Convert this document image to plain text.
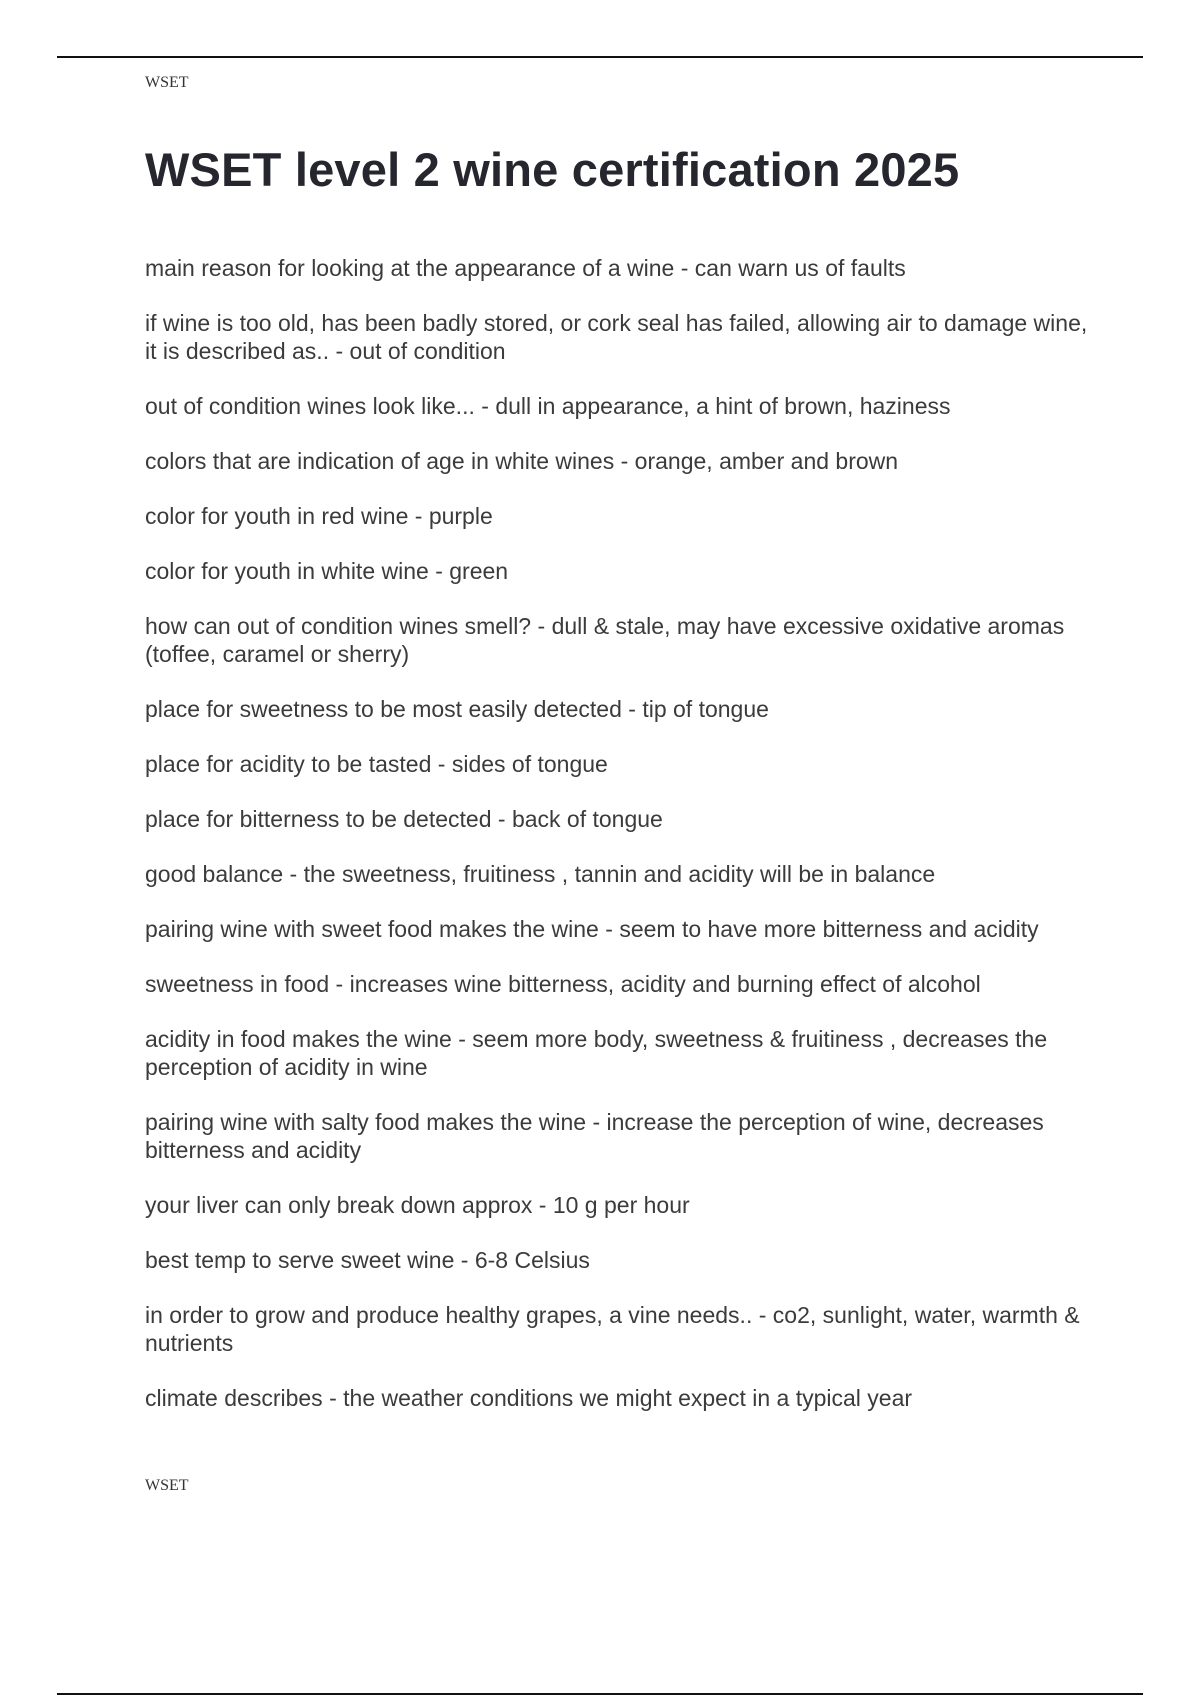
WSET
WSET level 2 wine certification 2025
main reason for looking at the appearance of a wine - can warn us of faults
if wine is too old, has been badly stored, or cork seal has failed, allowing air to damage wine, it is described as.. - out of condition
out of condition wines look like... - dull in appearance, a hint of brown, haziness
colors that are indication of age in white wines - orange, amber and brown
color for youth in red wine - purple
color for youth in white wine - green
how can out of condition wines smell? - dull & stale, may have excessive oxidative aromas (toffee, caramel or sherry)
place for sweetness to be most easily detected - tip of tongue
place for acidity to be tasted - sides of tongue
place for bitterness to be detected - back of tongue
good balance - the sweetness, fruitiness , tannin and acidity will be in balance
pairing wine with sweet food makes the wine - seem to have more bitterness and acidity
sweetness in food - increases wine bitterness, acidity and burning effect of alcohol
acidity in food makes the wine - seem more body, sweetness & fruitiness , decreases the perception of acidity in wine
pairing wine with salty food makes the wine - increase the perception of wine, decreases bitterness and acidity
your liver can only break down approx - 10 g per hour
best temp to serve sweet wine - 6-8 Celsius
in order to grow and produce healthy grapes, a vine needs.. - co2, sunlight, water, warmth & nutrients
climate describes - the weather conditions we might expect in a typical year
WSET
